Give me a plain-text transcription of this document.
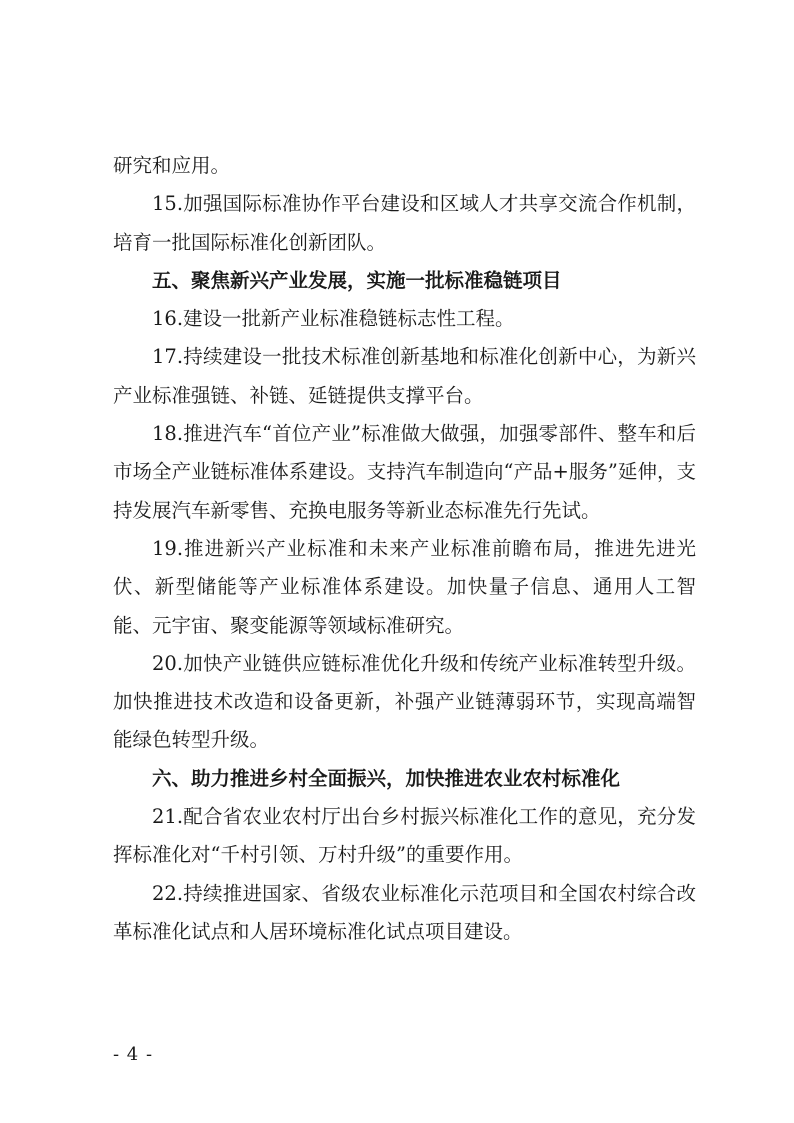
研究和应用。

15.加强国际标准协作平台建设和区域人才共享交流合作机制，培育一批国际标准化创新团队。

五、聚焦新兴产业发展，实施一批标准稳链项目

16.建设一批新产业标准稳链标志性工程。

17.持续建设一批技术标准创新基地和标准化创新中心，为新兴产业标准强链、补链、延链提供支撑平台。

18.推进汽车“首位产业”标准做大做强，加强零部件、整车和后市场全产业链标准体系建设。支持汽车制造向“产品+服务”延伸，支持发展汽车新零售、充换电服务等新业态标准先行先试。

19.推进新兴产业标准和未来产业标准前瞻布局，推进先进光伏、新型储能等产业标准体系建设。加快量子信息、通用人工智能、元宇宙、聚变能源等领域标准研究。

20.加快产业链供应链标准优化升级和传统产业标准转型升级。加快推进技术改造和设备更新，补强产业链薄弱环节，实现高端智能绿色转型升级。

六、助力推进乡村全面振兴，加快推进农业农村标准化

21.配合省农业农村厅出台乡村振兴标准化工作的意见，充分发挥标准化对“千村引领、万村升级”的重要作用。

22.持续推进国家、省级农业标准化示范项目和全国农村综合改革标准化试点和人居环境标准化试点项目建设。

- 4 -
